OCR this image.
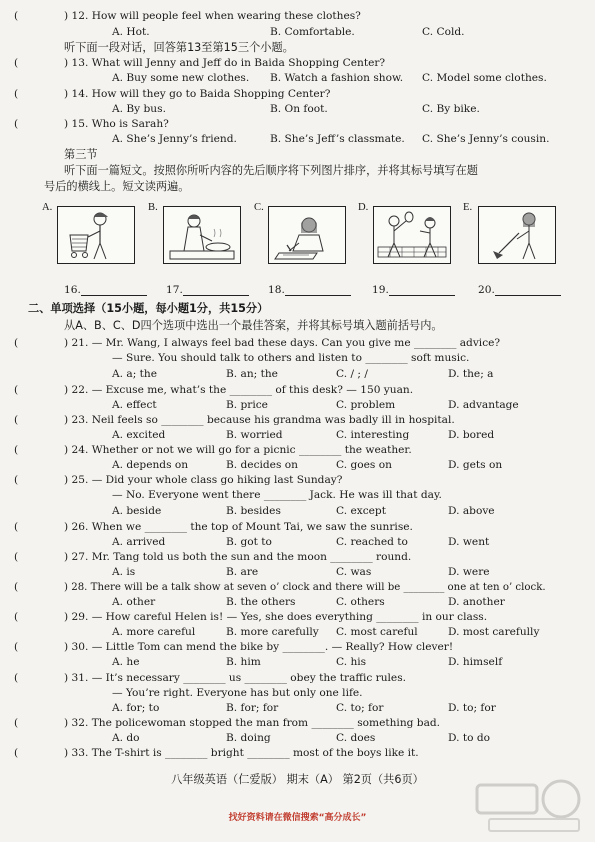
(	) 12. How will people feel when wearing these clothes?
A. Hot.	B. Comfortable.	C. Cold.
听下面一段对话，回答第13至第15三个小题。
(	) 13. What will Jenny and Jeff do in Baida Shopping Center?
A. Buy some new clothes. B. Watch a fashion show. C. Model some clothes.
(	) 14. How will they go to Baida Shopping Center?
A. By bus.	B. On foot.	C. By bike.
(	) 15. Who is Sarah?
A. She’s Jenny’s friend.	B. She’s Jeff’s classmate. C. She’s Jenny’s cousin.
第三节
听下面一篇短文。按照你所听内容的先后顺序将下列图片排序，并将其标号填写在题
号后的横线上。短文读两遍。
A.	B.	C.	D.	E.
16.	17.	18.	19.	20.
二、单项选择（15小题，每小题1分，共15分）
从A、B、C、D四个选项中选出一个最佳答案，并将其标号填入题前括号内。
(	) 21. — Mr. Wang, I always feel bad these days. Can you give me ________ advice?
— Sure. You should talk to others and listen to ________ soft music.
A. a; the	B. an; the	C. / ; /	D. the; a
(	) 22. — Excuse me, what’s the ________ of this desk? — 150 yuan.
A. effect	B. price	C. problem	D. advantage
(	) 23. Neil feels so ________ because his grandma was badly ill in hospital.
A. excited	B. worried	C. interesting	D. bored
(	) 24. Whether or not we will go for a picnic ________ the weather.
A. depends on	B. decides on	C. goes on	D. gets on
(	) 25. — Did your whole class go hiking last Sunday?
— No. Everyone went there ________ Jack. He was ill that day.
A. beside	B. besides	C. except	D. above
(	) 26. When we ________ the top of Mount Tai, we saw the sunrise.
A. arrived	B. got to	C. reached to	D. went
(	) 27. Mr. Tang told us both the sun and the moon ________ round.
A. is	B. are	C. was	D. were
(	) 28. There will be a talk show at seven o’ clock and there will be ________ one at ten o’ clock.
A. other	B. the others	C. others	D. another
(	) 29. — How careful Helen is! — Yes, she does everything ________ in our class.
A. more careful	B. more carefully C. most careful	D. most carefully
(	) 30. — Little Tom can mend the bike by ________. — Really? How clever!
A. he	B. him	C. his	D. himself
(	) 31. — It’s necessary ________ us ________ obey the traffic rules.
— You’re right. Everyone has but only one life.
A. for; to	B. for; for	C. to; for	D. to; for
(	) 32. The policewoman stopped the man from ________ something bad.
A. do	B. doing	C. does	D. to do
(	) 33. The T-shirt is ________ bright ________ most of the boys like it.
八年级英语（仁爱版） 期末（A） 第2页（共6页）
找好资料请在微信搜索“高分成长”
